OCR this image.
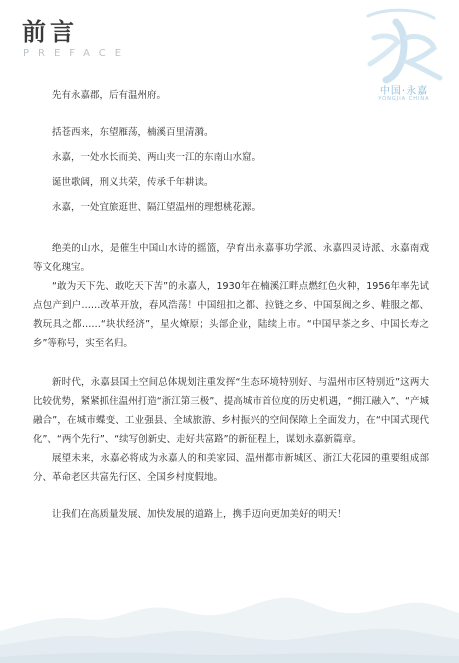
前言
PREFACE
中国·永嘉
YONGJIA CHINA

先有永嘉郡，后有温州府。

括苍西来，东望雁荡，楠溪百里清漪。

永嘉，一处水长而美、两山夹一江的东南山水窟。

诞世歌阔，刑义共荣，传承千年耕读。

永嘉，一处宜旅逛世、隔江望温州的理想桃花源。

绝美的山水，是催生中国山水诗的摇篮，孕育出永嘉事功学派、永嘉四灵诗派、永嘉南戏等文化瑰宝。

“敢为天下先、敢吃天下苦”的永嘉人，1930年在楠溪江畔点燃红色火种，1956年率先试点包产到户……改革开放，春风浩荡！中国纽扣之都、拉链之乡、中国泵阀之乡、鞋服之都、教玩具之都……“块状经济”，星火燎原；头部企业，陆续上市。“中国早茶之乡、中国长寿之乡”等称号，实至名归。

新时代，永嘉县国土空间总体规划注重发挥“生态环境特别好、与温州市区特别近”这两大比较优势，紧紧抓住温州打造“浙江第三极”、提高城市首位度的历史机遇，“拥江融入”、“产城融合”，在城市蝶变、工业强县、全域旅游、乡村振兴的空间保障上全面发力，在“中国式现代化”、“两个先行”、“续写创新史、走好共富路”的新征程上，谋划永嘉新篇章。

展望未来，永嘉必将成为永嘉人的和美家园、温州都市新城区、浙江大花园的重要组成部分、革命老区共富先行区、全国乡村度假地。

让我们在高质量发展、加快发展的道路上，携手迈向更加美好的明天！
